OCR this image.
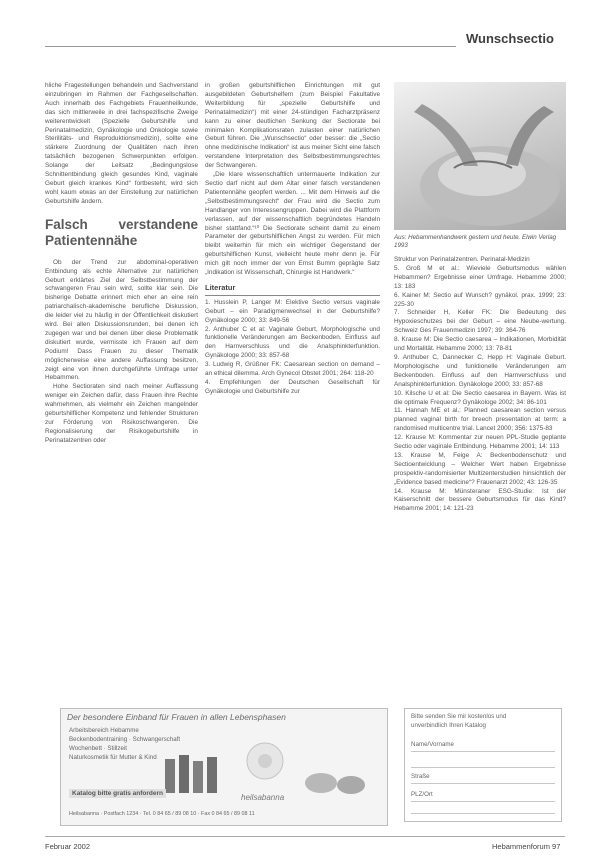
Wunschsectio

hliche Fragestellungen behandeln und Sachverstand einzubringen im Rahmen der Fachgesellschaften. Auch innerhalb des Fachgebiets Frauenheilkunde, das sich mittlerweile in drei fachspezifische Zweige weiterentwickelt (Spezielle Geburtshilfe und Perinatalmedizin, Gynäkologie und Onkologie sowie Sterilitäts- und Reproduktionsmedizin), sollte eine stärkere Zuordnung der Qualitäten nach ihren tatsächlich bezogenen Schwerpunkten erfolgen. Solange der Leitsatz „Bedingungslose Schnittentbindung gleich gesundes Kind, vaginale Geburt gleich krankes Kind“ fortbesteht, wird sich wohl kaum etwas an der Einstellung zur natürlichen Geburtshilfe ändern.

Falsch verstandene Patientennähe

Ob der Trend zur abdominal-operativen Entbindung als echte Alternative zur natürlichen Geburt erklärtes Ziel der Selbstbestimmung der schwangeren Frau sein wird, sollte klar sein. Die bisherige Debatte erinnert mich eher an eine rein patriarchalisch-akademische berufliche Diskussion, die leider viel zu häufig in der Öffentlichkeit diskutiert wird. Bei allen Diskussionsrunden, bei denen ich zugegen war und bei denen über diese Problematik diskutiert wurde, vermisste ich Frauen auf dem Podium! Dass Frauen zu dieser Thematik möglicherweise eine andere Auffassung besitzen, zeigt eine von ihnen durchgeführte Umfrage unter Hebammen.

Hohe Sectioraten sind nach meiner Auffassung weniger ein Zeichen dafür, dass Frauen ihre Rechte wahrnehmen, als vielmehr ein Zeichen mangelnder geburtshilflicher Kompetenz und fehlender Strukturen zur Förderung von Risikoschwangeren. Die Regionalisierung der Risikogeburtshilfe in Perinatalzentren oder

in großen geburtshilflichen Einrichtungen mit gut ausgebildeten Geburtshelfern (zum Beispiel Fakultative Weiterbildung für „spezielle Geburtshilfe und Perinatalmedizin“) mit einer 24-stündigen Facharztpräsenz kann zu einer deutlichen Senkung der Sectiorate bei minimalen Komplikationsraten zulasten einer natürlichen Geburt führen. Die „Wunschsectio“ oder besser: die „Sectio ohne medizinische Indikation“ ist aus meiner Sicht eine falsch verstandene Interpretation des Selbstbestimmungsrechtes der Schwangeren.

„Die klare wissenschaftlich untermauerte Indikation zur Sectio darf nicht auf dem Altar einer falsch verstandenen Patientennähe geopfert werden. ... Mit dem Hinweis auf die „Selbstbestimmungsrecht“ der Frau wird die Sectio zum Handlanger von Interessengruppen. Dabei wird die Plattform verlassen, auf der wissenschaftlich begründetes Handeln bisher stattfand.“¹⁰ Die Sectiorate scheint damit zu einem Parameter der geburtshilflichen Angst zu werden. Für mich bleibt weiterhin für mich ein wichtiger Gegenstand der geburtshilflichen Kunst, vielleicht heute mehr denn je. Für mich gilt noch immer der von Ernst Bumm geprägte Satz „Indikation ist Wissenschaft, Chirurgie ist Handwerk.“

Literatur

1. Husslein P, Langer M: Elektive Sectio versus vaginale Geburt – ein Paradigmenwechsel in der Geburtshilfe? Gynäkologe 2000; 33: 849-56

2. Anthuber C et al: Vaginale Geburt, Morphologische und funktionelle Veränderungen am Beckenboden. Einfluss auf den Harnverschluss und die Analsphinkterfunktion. Gynäkologe 2000; 33: 857-68

3. Ludwig R, Grüßner FK: Caesarean section on demand – an ethical dilemma. Arch Gynecol Obstet 2001; 264: 118-20

4. Empfehlungen der Deutschen Gesellschaft für Gynäkologie und Geburtshilfe zur

Aus: Hebammenhandwerk gestern und heute. Elwin Verlag 1993

Struktur von Perinatalzentren. Perinatal-Medizin

5. Groß M et al.: Wieviele Geburtsmodus wählen Hebammen? Ergebnisse einer Umfrage. Hebamme 2000; 13: 183

6. Kainer M: Sectio auf Wunsch? gynäkol. prax. 1999; 23: 225-30

7. Schneider H, Keller FK: Die Bedeutung des Hypoxieschutzes bei der Geburt – eine Neube-wertung. Schweiz Ges Frauenmedizin 1997; 39: 364-76

8. Krause M: Die Sectio caesarea – Indikationen, Morbidität und Mortalität. Hebamme 2000; 13: 78-81

9. Anthuber C, Dannecker C, Hepp H: Vaginale Geburt. Morphologische und funktionelle Veränderungen am Beckenboden. Einfluss auf den Harnverschluss und Analsphinkterfunktion. Gynäkologe 2000; 33: 857-68

10. Kilsche U et al: Die Sectio caesarea in Bayern. Was ist die optimale Frequenz? Gynäkologe 2002; 34: 86-101

11. Hannah ME et al.: Planned caesarean section versus planned vaginal birth for breech presentation at term: a randomised multicentre trial. Lancet 2000; 356: 1375-83

12. Krause M: Kommentar zur neuen PPL-Studie geplante Sectio oder vaginale Entbindung. Hebamme 2001; 14: 113

13. Krause M, Feige A: Beckenbodenschutz und Sectioentwicklung – Welcher Wert haben Ergebnisse prospektiv-randomisierter Multizenterstudien hinsichtlich der „Evidence based medicine“? Frauenarzt 2002; 43: 126-35

14. Krause M: Münsteraner ESG-Studie: Ist der Kaiserschnitt der bessere Geburtsmodus für das Kind? Hebamme 2001; 14: 121-23

Der besondere Einband für Frauen in allen Lebensphasen
Arbeitsbereich Hebamme
Beckenbodentraining · Schwangerschaft
Wochenbett · Stillzeit
Naturkosmetik für Mutter & Kind
Katalog bitte gratis anfordern	heilsabanna
Heilsabanna · Postfach 1234 · Tel. 0 84 65 / 89 08 10 · Fax 0 84 65 / 89 08 11
Bitte senden Sie mir kostenlos und
unverbindlich Ihren Katalog
Name/Vorname
Straße
PLZ/Ort
Februar 2002	Hebammenforum 97
